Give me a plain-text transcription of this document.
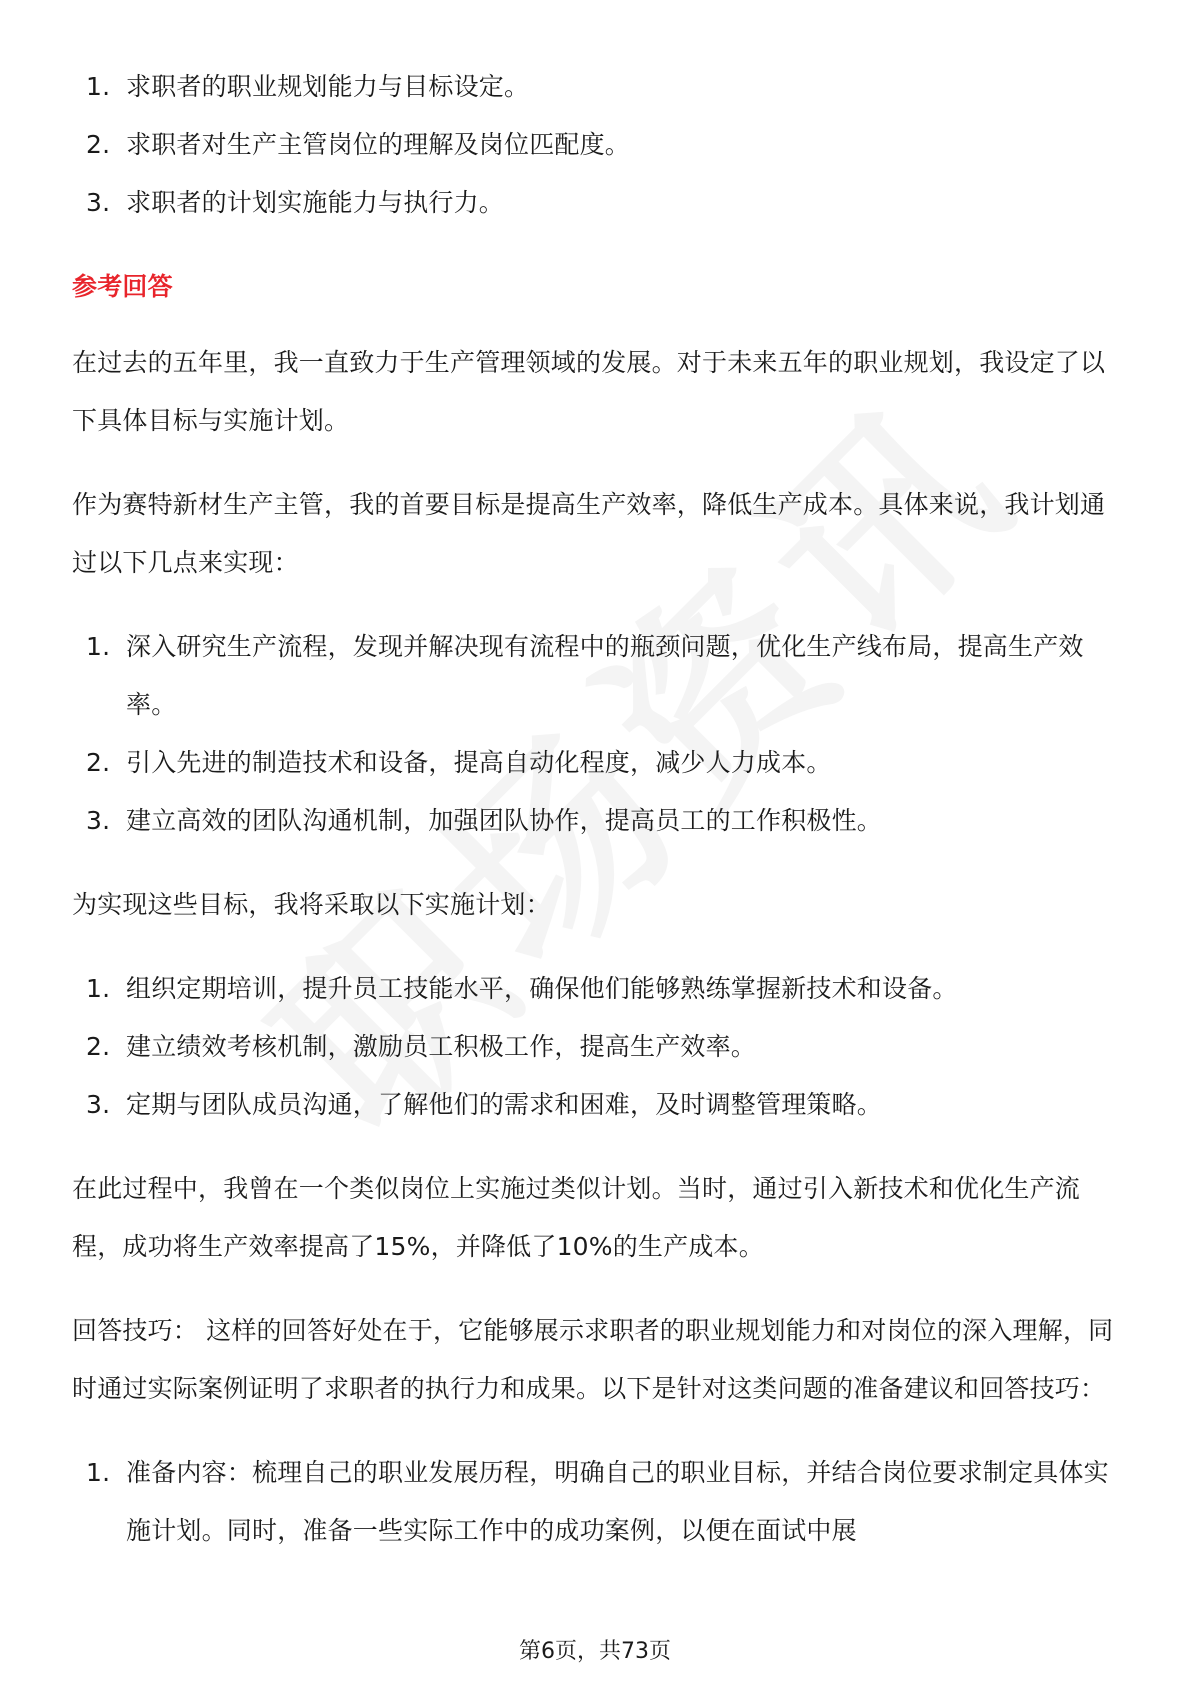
1. 求职者的职业规划能力与目标设定。
2. 求职者对生产主管岗位的理解及岗位匹配度。
3. 求职者的计划实施能力与执行力。

参考回答

在过去的五年里，我一直致力于生产管理领域的发展。对于未来五年的职业规划，我设定了以下具体目标与实施计划。

作为赛特新材生产主管，我的首要目标是提高生产效率，降低生产成本。具体来说，我计划通过以下几点来实现：

1. 深入研究生产流程，发现并解决现有流程中的瓶颈问题，优化生产线布局，提高生产效率。
2. 引入先进的制造技术和设备，提高自动化程度，减少人力成本。
3. 建立高效的团队沟通机制，加强团队协作，提高员工的工作积极性。

为实现这些目标，我将采取以下实施计划：

1. 组织定期培训，提升员工技能水平，确保他们能够熟练掌握新技术和设备。
2. 建立绩效考核机制，激励员工积极工作，提高生产效率。
3. 定期与团队成员沟通，了解他们的需求和困难，及时调整管理策略。

在此过程中，我曾在一个类似岗位上实施过类似计划。当时，通过引入新技术和优化生产流程，成功将生产效率提高了15%，并降低了10%的生产成本。

回答技巧： 这样的回答好处在于，它能够展示求职者的职业规划能力和对岗位的深入理解，同时通过实际案例证明了求职者的执行力和成果。以下是针对这类问题的准备建议和回答技巧：

1. 准备内容：梳理自己的职业发展历程，明确自己的职业目标，并结合岗位要求制定具体实施计划。同时，准备一些实际工作中的成功案例，以便在面试中展
第6页，共73页
